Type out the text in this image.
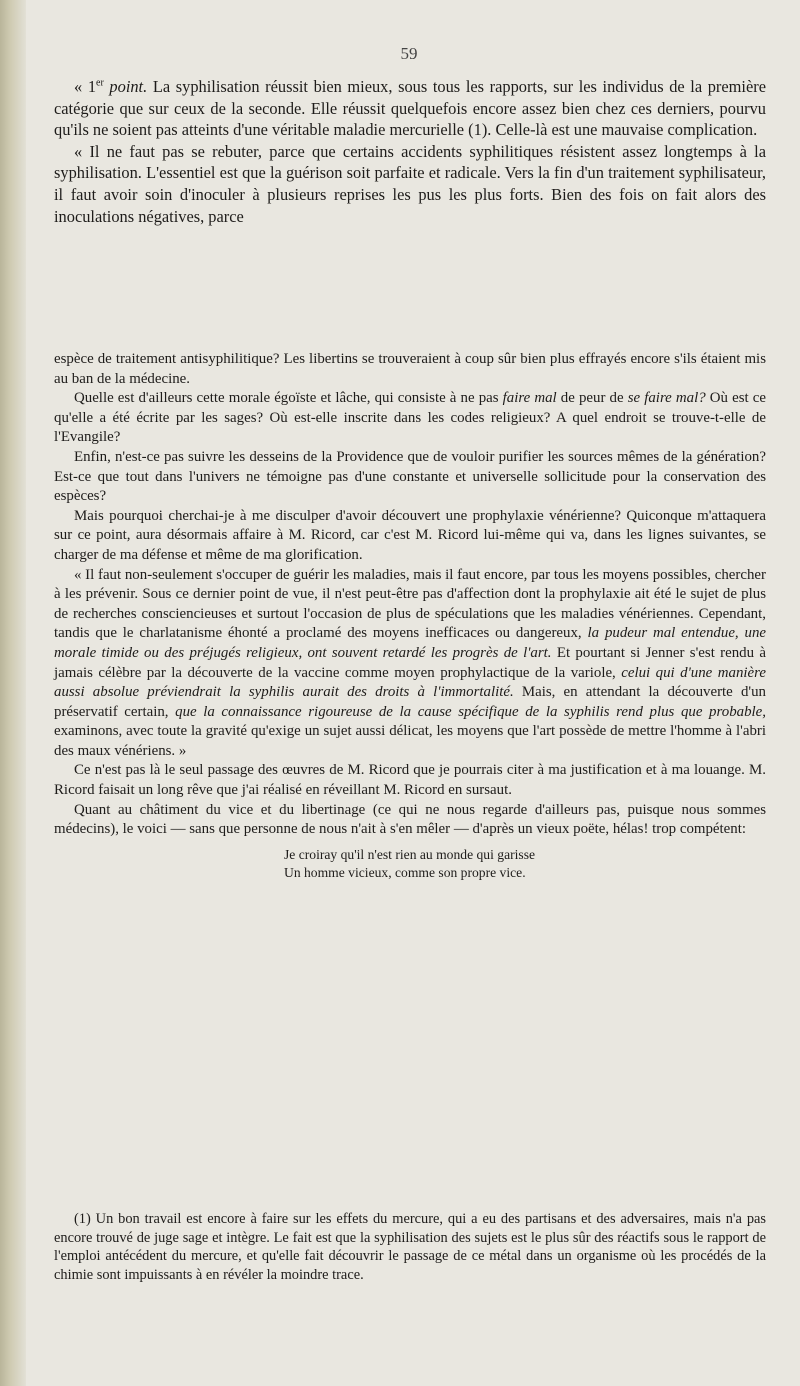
59

« 1er point. La syphilisation réussit bien mieux, sous tous les rapports, sur les individus de la première catégorie que sur ceux de la seconde. Elle réussit quelquefois encore assez bien chez ces derniers, pourvu qu'ils ne soient pas atteints d'une véritable maladie mercurielle (1). Celle-là est une mauvaise complication.

« Il ne faut pas se rebuter, parce que certains accidents syphilitiques résistent assez longtemps à la syphilisation. L'essentiel est que la guérison soit parfaite et radicale. Vers la fin d'un traitement syphilisateur, il faut avoir soin d'inoculer à plusieurs reprises les pus les plus forts. Bien des fois on fait alors des inoculations négatives, parce

espèce de traitement antisyphilitique? Les libertins se trouveraient à coup sûr bien plus effrayés encore s'ils étaient mis au ban de la médecine.

Quelle est d'ailleurs cette morale égoïste et lâche, qui consiste à ne pas faire mal de peur de se faire mal? Où est ce qu'elle a été écrite par les sages? Où est-elle inscrite dans les codes religieux? A quel endroit se trouve-t-elle de l'Evangile?

Enfin, n'est-ce pas suivre les desseins de la Providence que de vouloir purifier les sources mêmes de la génération? Est-ce que tout dans l'univers ne témoigne pas d'une constante et universelle sollicitude pour la conservation des espèces?

Mais pourquoi cherchai-je à me disculper d'avoir découvert une prophylaxie vénérienne? Quiconque m'attaquera sur ce point, aura désormais affaire à M. Ricord, car c'est M. Ricord lui-même qui va, dans les lignes suivantes, se charger de ma défense et même de ma glorification.

« Il faut non-seulement s'occuper de guérir les maladies, mais il faut encore, par tous les moyens possibles, chercher à les prévenir. Sous ce dernier point de vue, il n'est peut-être pas d'affection dont la prophylaxie ait été le sujet de plus de recherches consciencieuses et surtout l'occasion de plus de spéculations que les maladies vénériennes. Cependant, tandis que le charlatanisme éhonté a proclamé des moyens inefficaces ou dangereux, la pudeur mal entendue, une morale timide ou des préjugés religieux, ont souvent retardé les progrès de l'art. Et pourtant si Jenner s'est rendu à jamais célèbre par la découverte de la vaccine comme moyen prophylactique de la variole, celui qui d'une manière aussi absolue préviendrait la syphilis aurait des droits à l'immortalité. Mais, en attendant la découverte d'un préservatif certain, que la connaissance rigoureuse de la cause spécifique de la syphilis rend plus que probable, examinons, avec toute la gravité qu'exige un sujet aussi délicat, les moyens que l'art possède de mettre l'homme à l'abri des maux vénériens. »

Ce n'est pas là le seul passage des œuvres de M. Ricord que je pourrais citer à ma justification et à ma louange. M. Ricord faisait un long rêve que j'ai réalisé en réveillant M. Ricord en sursaut.

Quant au châtiment du vice et du libertinage (ce qui ne nous regarde d'ailleurs pas, puisque nous sommes médecins), le voici — sans que personne de nous n'ait à s'en mêler — d'après un vieux poëte, hélas! trop compétent:

Je croiray qu'il n'est rien au monde qui garisse
Un homme vicieux, comme son propre vice.

(1) Un bon travail est encore à faire sur les effets du mercure, qui a eu des partisans et des adversaires, mais n'a pas encore trouvé de juge sage et intègre. Le fait est que la syphilisation des sujets est le plus sûr des réactifs sous le rapport de l'emploi antécédent du mercure, et qu'elle fait découvrir le passage de ce métal dans un organisme où les procédés de la chimie sont impuissants à en révéler la moindre trace.
